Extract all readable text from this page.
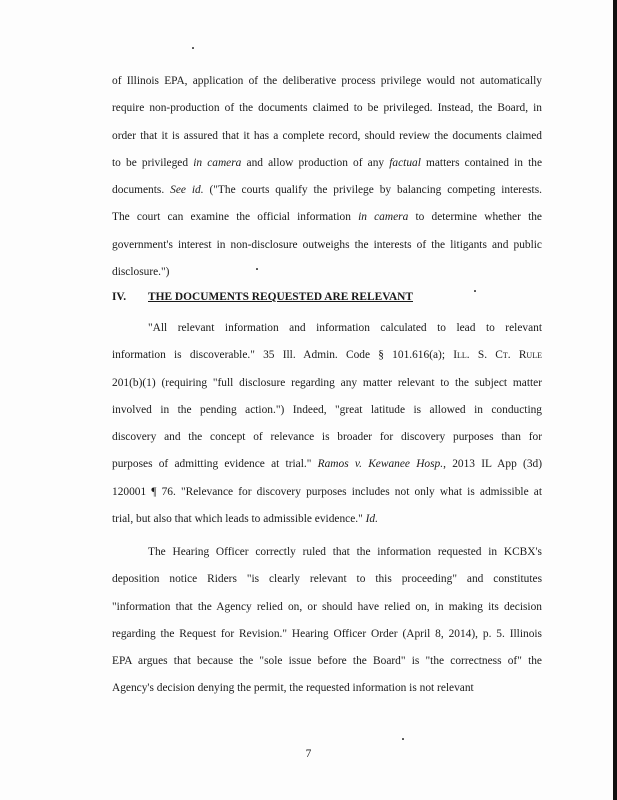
of Illinois EPA, application of the deliberative process privilege would not automatically
require non-production of the documents claimed to be privileged. Instead, the Board, in
order that it is assured that it has a complete record, should review the documents claimed
to be privileged in camera and allow production of any factual matters contained in the
documents. See id. ("The courts qualify the privilege by balancing competing interests.
The court can examine the official information in camera to determine whether the
government's interest in non-disclosure outweighs the interests of the litigants and public
disclosure.")
IV. THE DOCUMENTS REQUESTED ARE RELEVANT
"All relevant information and information calculated to lead to relevant
information is discoverable." 35 Ill. Admin. Code § 101.616(a); Ill. S. Ct. Rule
201(b)(1) (requiring "full disclosure regarding any matter relevant to the subject matter
involved in the pending action.") Indeed, "great latitude is allowed in conducting
discovery and the concept of relevance is broader for discovery purposes than for
purposes of admitting evidence at trial." Ramos v. Kewanee Hosp., 2013 IL App (3d)
120001 ¶ 76. "Relevance for discovery purposes includes not only what is admissible at
trial, but also that which leads to admissible evidence." Id.
The Hearing Officer correctly ruled that the information requested in KCBX's
deposition notice Riders "is clearly relevant to this proceeding" and constitutes
"information that the Agency relied on, or should have relied on, in making its decision
regarding the Request for Revision." Hearing Officer Order (April 8, 2014), p. 5. Illinois
EPA argues that because the "sole issue before the Board" is "the correctness of" the
Agency's decision denying the permit, the requested information is not relevant
7
